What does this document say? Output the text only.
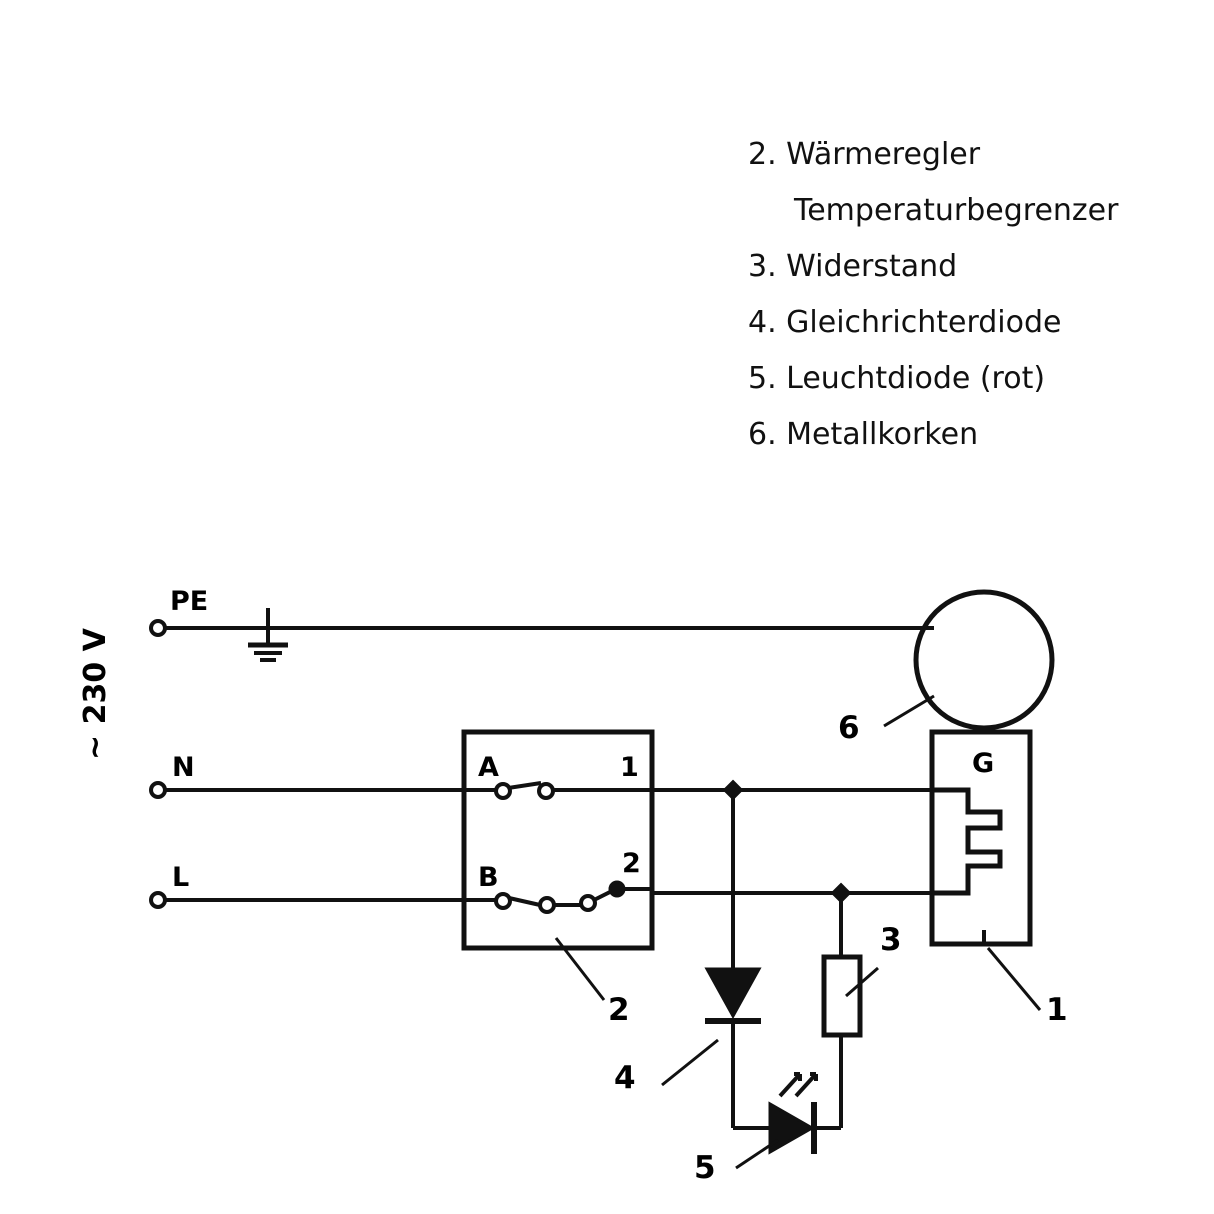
2. Wärmeregler
Temperaturbegrenzer
3. Widerstand
4. Gleichrichterdiode
5. Leuchtdiode (rot)
6. Metallkorken
PE
N
L
~ 230 V
A
B
1
2
G
2
4
5
3
1
6
